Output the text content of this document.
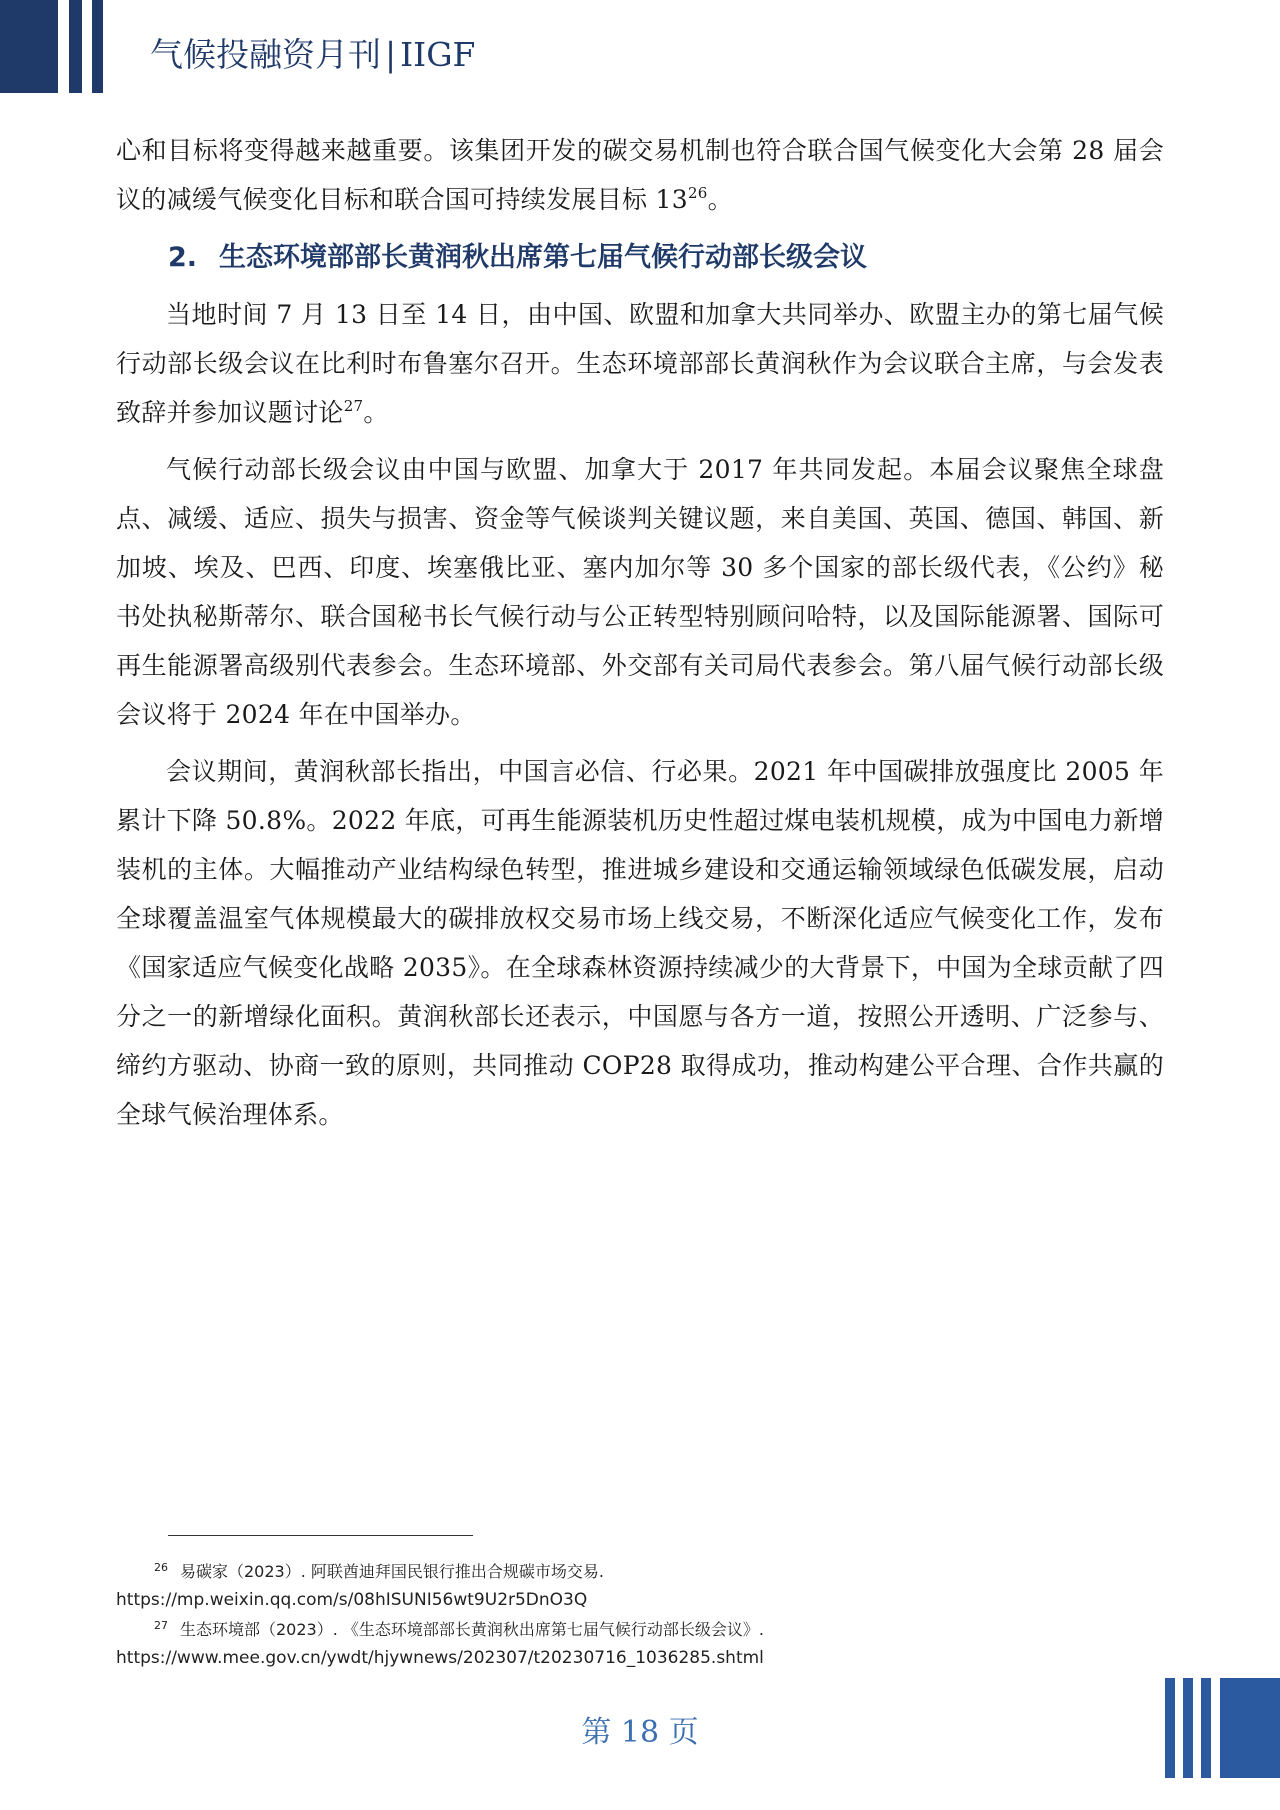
气候投融资月刊 | IIGF

心和目标将变得越来越重要。该集团开发的碳交易机制也符合联合国气候变化大会第 28 届会议的减缓气候变化目标和联合国可持续发展目标 $13^{26}$。

2. 生态环境部部长黄润秋出席第七届气候行动部长级会议

当地时间 7 月 13 日至 14 日，由中国、欧盟和加拿大共同举办、欧盟主办的第七届气候行动部长级会议在比利时布鲁塞尔召开。生态环境部部长黄润秋作为会议联合主席，与会发表致辞并参加议题讨论$^{27}$。

气候行动部长级会议由中国与欧盟、加拿大于 2017 年共同发起。本届会议聚焦全球盘点、减缓、适应、损失与损害、资金等气候谈判关键议题，来自美国、英国、德国、韩国、新加坡、埃及、巴西、印度、埃塞俄比亚、塞内加尔等 30 多个国家的部长级代表，《公约》秘书处执秘斯蒂尔、联合国秘书长气候行动与公正转型特别顾问哈特，以及国际能源署、国际可再生能源署高级别代表参会。生态环境部、外交部有关司局代表参会。第八届气候行动部长级会议将于 2024 年在中国举办。

会议期间，黄润秋部长指出，中国言必信、行必果。2021 年中国碳排放强度比 2005 年累计下降 50.8%。2022 年底，可再生能源装机历史性超过煤电装机规模，成为中国电力新增装机的主体。大幅推动产业结构绿色转型，推进城乡建设和交通运输领域绿色低碳发展，启动全球覆盖温室气体规模最大的碳排放权交易市场上线交易，不断深化适应气候变化工作，发布《国家适应气候变化战略 2035》。在全球森林资源持续减少的大背景下，中国为全球贡献了四分之一的新增绿化面积。黄润秋部长还表示，中国愿与各方一道，按照公开透明、广泛参与、缔约方驱动、协商一致的原则，共同推动 COP28 取得成功，推动构建公平合理、合作共赢的全球气候治理体系。

$^{26}$ 易碳家（2023）. 阿联酋迪拜国民银行推出合规碳市场交易.
https://mp.weixin.qq.com/s/08hISUNI56wt9U2r5DnO3Q
$^{27}$ 生态环境部（2023）. 《生态环境部部长黄润秋出席第七届气候行动部长级会议》.
https://www.mee.gov.cn/ywdt/hjywnews/202307/t20230716_1036285.shtml
第 18 页
